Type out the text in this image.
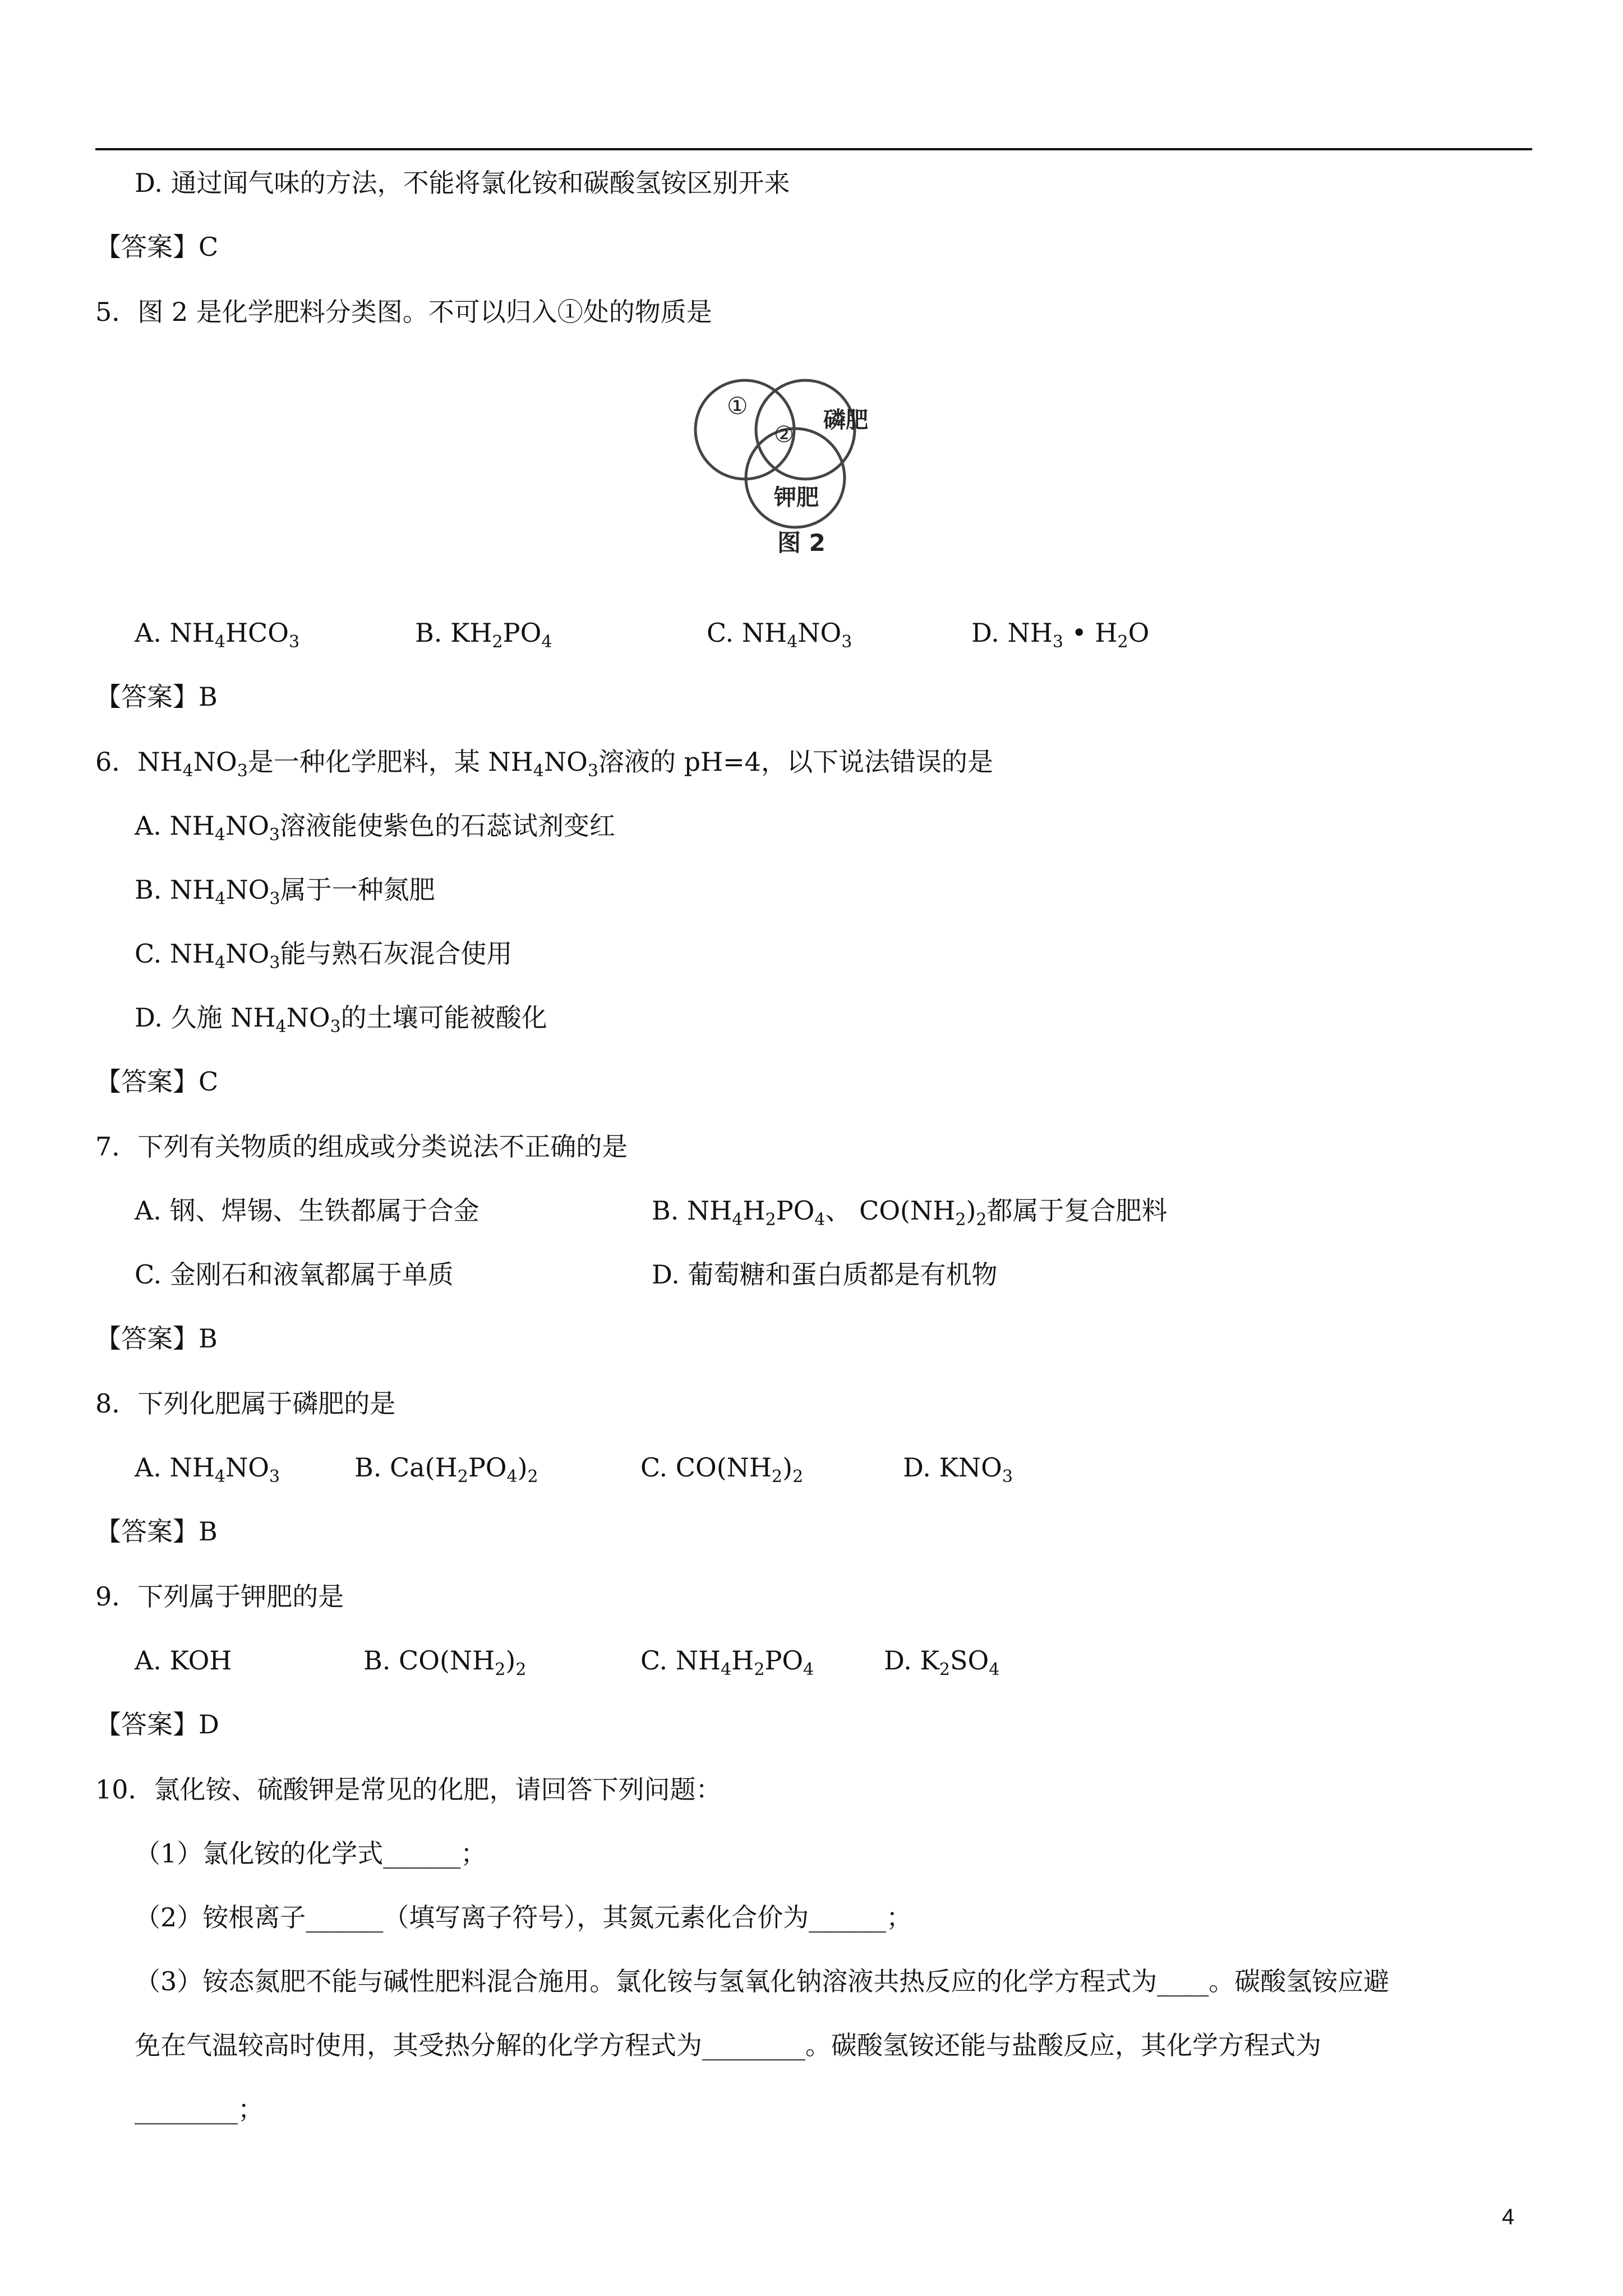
D. 通过闻气味的方法，不能将氯化铵和碳酸氢铵区别开来
【答案】C
5．图 2 是化学肥料分类图。不可以归入①处的物质是
①
②
磷肥
钾肥
图 2
A. $NH_4HCO_3$	B. $KH_2PO_4$	C. $NH_4NO_3$	D. $NH_3$ • $H_2O$
【答案】B
6．$NH_4NO_3$是一种化学肥料，某 $NH_4NO_3$溶液的 pH=4，以下说法错误的是
A. $NH_4NO_3$溶液能使紫色的石蕊试剂变红
B. $NH_4NO_3$属于一种氮肥
C. $NH_4NO_3$能与熟石灰混合使用
D. 久施 $NH_4NO_3$的土壤可能被酸化
【答案】C
7．下列有关物质的组成或分类说法不正确的是
A. 钢、焊锡、生铁都属于合金	B. $NH_4H_2PO_4$、 $CO(NH_2)_2$都属于复合肥料
C. 金刚石和液氧都属于单质	D. 葡萄糖和蛋白质都是有机物
【答案】B
8．下列化肥属于磷肥的是
A. $NH_4NO_3$	B. $Ca(H_2PO_4)_2$	C. $CO(NH_2)_2$	D. $KNO_3$
【答案】B
9．下列属于钾肥的是
A. KOH	B. $CO(NH_2)_2$	C. $NH_4H_2PO_4$	D. $K_2SO_4$
【答案】D
10．氯化铵、硫酸钾是常见的化肥，请回答下列问题：
（1）氯化铵的化学式______；
（2）铵根离子______（填写离子符号），其氮元素化合价为______；
（3）铵态氮肥不能与碱性肥料混合施用。氯化铵与氢氧化钠溶液共热反应的化学方程式为____。碳酸氢铵应避
免在气温较高时使用，其受热分解的化学方程式为________。碳酸氢铵还能与盐酸反应，其化学方程式为
________；
4
